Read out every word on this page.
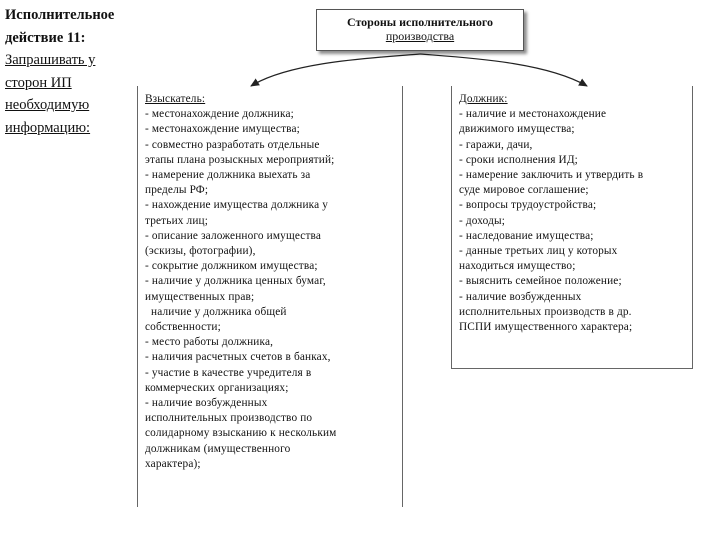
Исполнительное
действие 11:
Запрашивать у
сторон ИП
необходимую
информацию:
Стороны исполнительного
производства
Взыскатель:
- местонахождение должника;
- местонахождение имущества;
- совместно разработать отдельные
этапы плана розыскных мероприятий;
- намерение должника выехать за
пределы РФ;
- нахождение имущества должника у
третьих лиц;
- описание заложенного имущества
(эскизы, фотографии),
- сокрытие должником имущества;
- наличие у должника ценных бумаг,
имущественных прав;
наличие у должника общей
собственности;
- место работы должника,
- наличия расчетных счетов в банках,
- участие в качестве учредителя в
коммерческих организациях;
- наличие возбужденных
исполнительных производство по
солидарному взысканию к нескольким
должникам (имущественного
характера);
Должник:
- наличие и местонахождение
движимого имущества;
- гаражи, дачи,
- сроки исполнения ИД;
- намерение заключить и утвердить в
суде мировое соглашение;
- вопросы трудоустройства;
- доходы;
- наследование имущества;
- данные третьих лиц у которых
находиться имущество;
- выяснить семейное положение;
- наличие возбужденных
исполнительных производств в др.
ПСПИ имущественного характера;
